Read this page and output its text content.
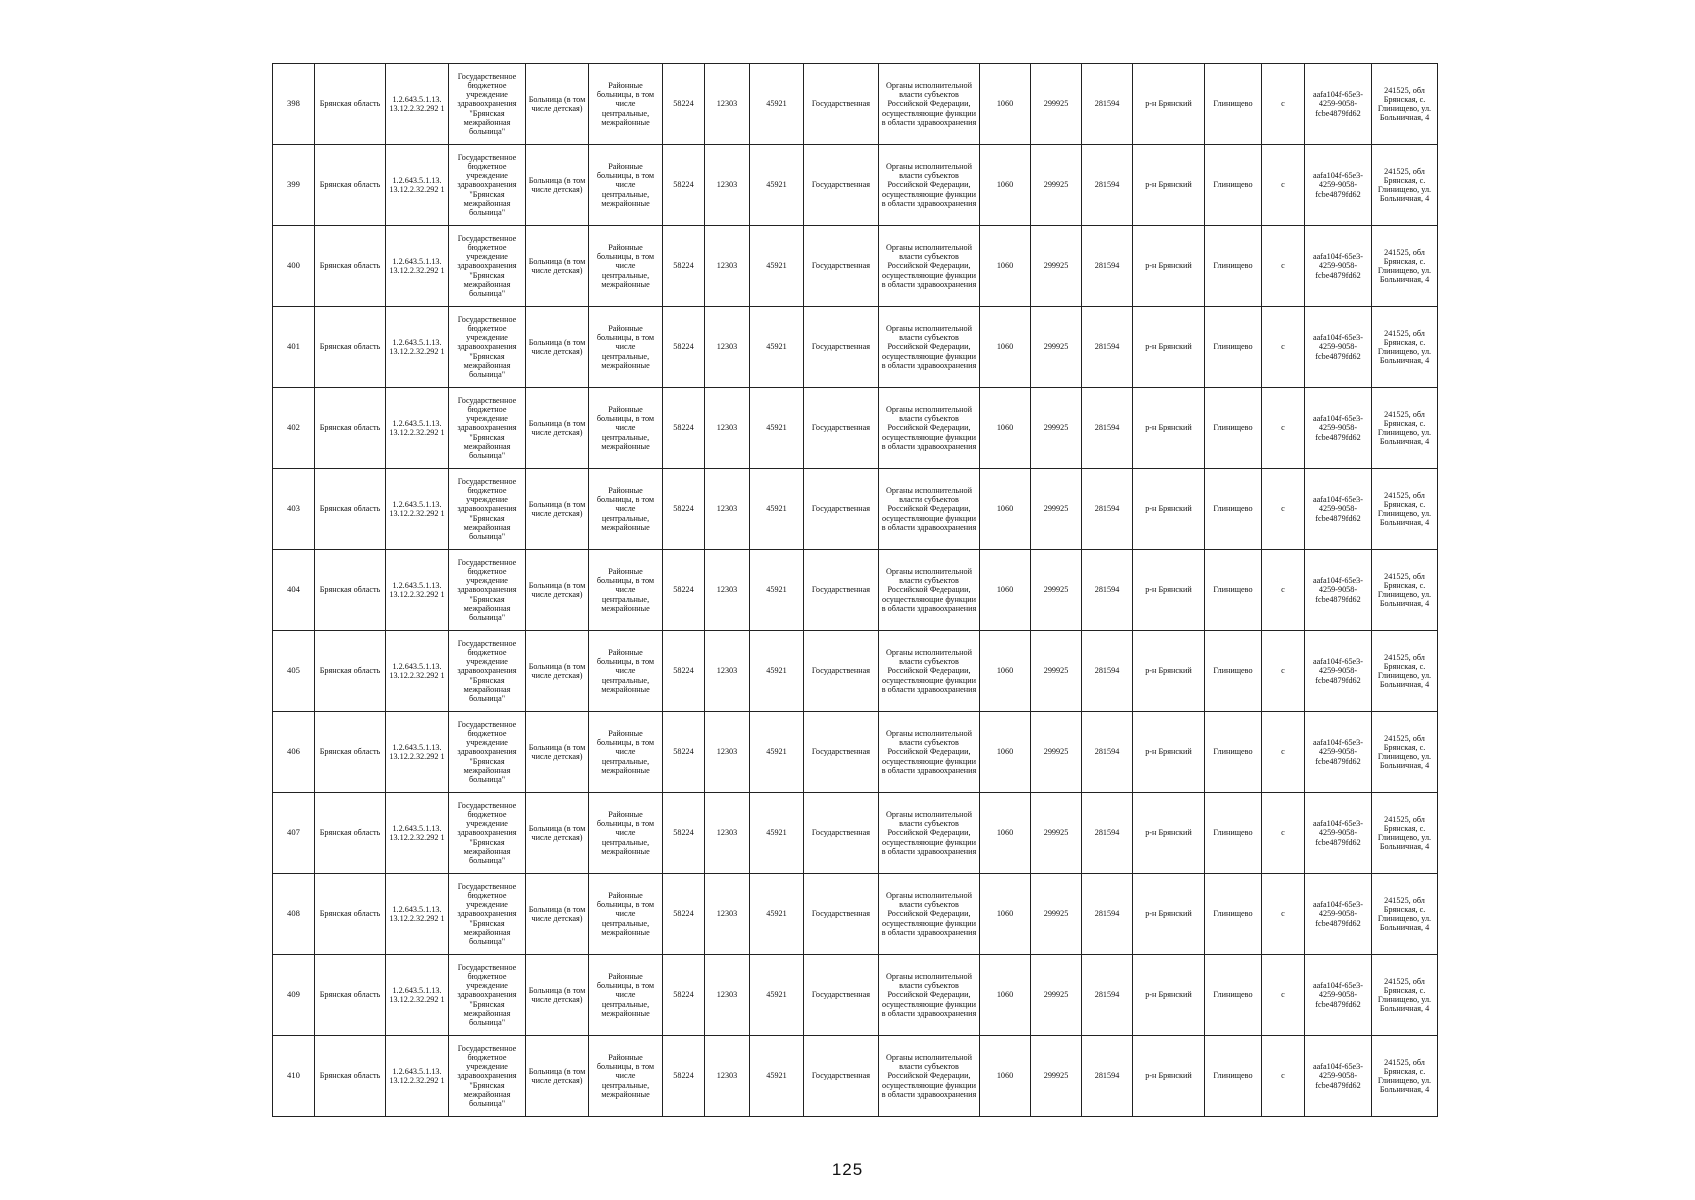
398	Брянская область	1.2.643.5.1.13. 13.12.2.32.292 1	Государственное бюджетное учреждение здравоохранения "Брянская межрайонная больница"	Больница (в том числе детская)	Районные больницы, в том числе центральные, межрайонные	58224	12303	45921	Государственная	Органы исполнительной власти субъектов Российской Федерации, осуществляющие функции в области здравоохранения	1060	299925	281594	р-н Брянский	Глинищево	с	aafa104f-65e3-4259-9058-fcbe4879fd62	241525, обл Брянская, с. Глинищево, ул. Больничная, 4
399	Брянская область	1.2.643.5.1.13. 13.12.2.32.292 1	Государственное бюджетное учреждение здравоохранения "Брянская межрайонная больница"	Больница (в том числе детская)	Районные больницы, в том числе центральные, межрайонные	58224	12303	45921	Государственная	Органы исполнительной власти субъектов Российской Федерации, осуществляющие функции в области здравоохранения	1060	299925	281594	р-н Брянский	Глинищево	с	aafa104f-65e3-4259-9058-fcbe4879fd62	241525, обл Брянская, с. Глинищево, ул. Больничная, 4
400	Брянская область	1.2.643.5.1.13. 13.12.2.32.292 1	Государственное бюджетное учреждение здравоохранения "Брянская межрайонная больница"	Больница (в том числе детская)	Районные больницы, в том числе центральные, межрайонные	58224	12303	45921	Государственная	Органы исполнительной власти субъектов Российской Федерации, осуществляющие функции в области здравоохранения	1060	299925	281594	р-н Брянский	Глинищево	с	aafa104f-65e3-4259-9058-fcbe4879fd62	241525, обл Брянская, с. Глинищево, ул. Больничная, 4
401	Брянская область	1.2.643.5.1.13. 13.12.2.32.292 1	Государственное бюджетное учреждение здравоохранения "Брянская межрайонная больница"	Больница (в том числе детская)	Районные больницы, в том числе центральные, межрайонные	58224	12303	45921	Государственная	Органы исполнительной власти субъектов Российской Федерации, осуществляющие функции в области здравоохранения	1060	299925	281594	р-н Брянский	Глинищево	с	aafa104f-65e3-4259-9058-fcbe4879fd62	241525, обл Брянская, с. Глинищево, ул. Больничная, 4
402	Брянская область	1.2.643.5.1.13. 13.12.2.32.292 1	Государственное бюджетное учреждение здравоохранения "Брянская межрайонная больница"	Больница (в том числе детская)	Районные больницы, в том числе центральные, межрайонные	58224	12303	45921	Государственная	Органы исполнительной власти субъектов Российской Федерации, осуществляющие функции в области здравоохранения	1060	299925	281594	р-н Брянский	Глинищево	с	aafa104f-65e3-4259-9058-fcbe4879fd62	241525, обл Брянская, с. Глинищево, ул. Больничная, 4
403	Брянская область	1.2.643.5.1.13. 13.12.2.32.292 1	Государственное бюджетное учреждение здравоохранения "Брянская межрайонная больница"	Больница (в том числе детская)	Районные больницы, в том числе центральные, межрайонные	58224	12303	45921	Государственная	Органы исполнительной власти субъектов Российской Федерации, осуществляющие функции в области здравоохранения	1060	299925	281594	р-н Брянский	Глинищево	с	aafa104f-65e3-4259-9058-fcbe4879fd62	241525, обл Брянская, с. Глинищево, ул. Больничная, 4
404	Брянская область	1.2.643.5.1.13. 13.12.2.32.292 1	Государственное бюджетное учреждение здравоохранения "Брянская межрайонная больница"	Больница (в том числе детская)	Районные больницы, в том числе центральные, межрайонные	58224	12303	45921	Государственная	Органы исполнительной власти субъектов Российской Федерации, осуществляющие функции в области здравоохранения	1060	299925	281594	р-н Брянский	Глинищево	с	aafa104f-65e3-4259-9058-fcbe4879fd62	241525, обл Брянская, с. Глинищево, ул. Больничная, 4
405	Брянская область	1.2.643.5.1.13. 13.12.2.32.292 1	Государственное бюджетное учреждение здравоохранения "Брянская межрайонная больница"	Больница (в том числе детская)	Районные больницы, в том числе центральные, межрайонные	58224	12303	45921	Государственная	Органы исполнительной власти субъектов Российской Федерации, осуществляющие функции в области здравоохранения	1060	299925	281594	р-н Брянский	Глинищево	с	aafa104f-65e3-4259-9058-fcbe4879fd62	241525, обл Брянская, с. Глинищево, ул. Больничная, 4
406	Брянская область	1.2.643.5.1.13. 13.12.2.32.292 1	Государственное бюджетное учреждение здравоохранения "Брянская межрайонная больница"	Больница (в том числе детская)	Районные больницы, в том числе центральные, межрайонные	58224	12303	45921	Государственная	Органы исполнительной власти субъектов Российской Федерации, осуществляющие функции в области здравоохранения	1060	299925	281594	р-н Брянский	Глинищево	с	aafa104f-65e3-4259-9058-fcbe4879fd62	241525, обл Брянская, с. Глинищево, ул. Больничная, 4
407	Брянская область	1.2.643.5.1.13. 13.12.2.32.292 1	Государственное бюджетное учреждение здравоохранения "Брянская межрайонная больница"	Больница (в том числе детская)	Районные больницы, в том числе центральные, межрайонные	58224	12303	45921	Государственная	Органы исполнительной власти субъектов Российской Федерации, осуществляющие функции в области здравоохранения	1060	299925	281594	р-н Брянский	Глинищево	с	aafa104f-65e3-4259-9058-fcbe4879fd62	241525, обл Брянская, с. Глинищево, ул. Больничная, 4
408	Брянская область	1.2.643.5.1.13. 13.12.2.32.292 1	Государственное бюджетное учреждение здравоохранения "Брянская межрайонная больница"	Больница (в том числе детская)	Районные больницы, в том числе центральные, межрайонные	58224	12303	45921	Государственная	Органы исполнительной власти субъектов Российской Федерации, осуществляющие функции в области здравоохранения	1060	299925	281594	р-н Брянский	Глинищево	с	aafa104f-65e3-4259-9058-fcbe4879fd62	241525, обл Брянская, с. Глинищево, ул. Больничная, 4
409	Брянская область	1.2.643.5.1.13. 13.12.2.32.292 1	Государственное бюджетное учреждение здравоохранения "Брянская межрайонная больница"	Больница (в том числе детская)	Районные больницы, в том числе центральные, межрайонные	58224	12303	45921	Государственная	Органы исполнительной власти субъектов Российской Федерации, осуществляющие функции в области здравоохранения	1060	299925	281594	р-н Брянский	Глинищево	с	aafa104f-65e3-4259-9058-fcbe4879fd62	241525, обл Брянская, с. Глинищево, ул. Больничная, 4
410	Брянская область	1.2.643.5.1.13. 13.12.2.32.292 1	Государственное бюджетное учреждение здравоохранения "Брянская межрайонная больница"	Больница (в том числе детская)	Районные больницы, в том числе центральные, межрайонные	58224	12303	45921	Государственная	Органы исполнительной власти субъектов Российской Федерации, осуществляющие функции в области здравоохранения	1060	299925	281594	р-н Брянский	Глинищево	с	aafa104f-65e3-4259-9058-fcbe4879fd62	241525, обл Брянская, с. Глинищево, ул. Больничная, 4
125
